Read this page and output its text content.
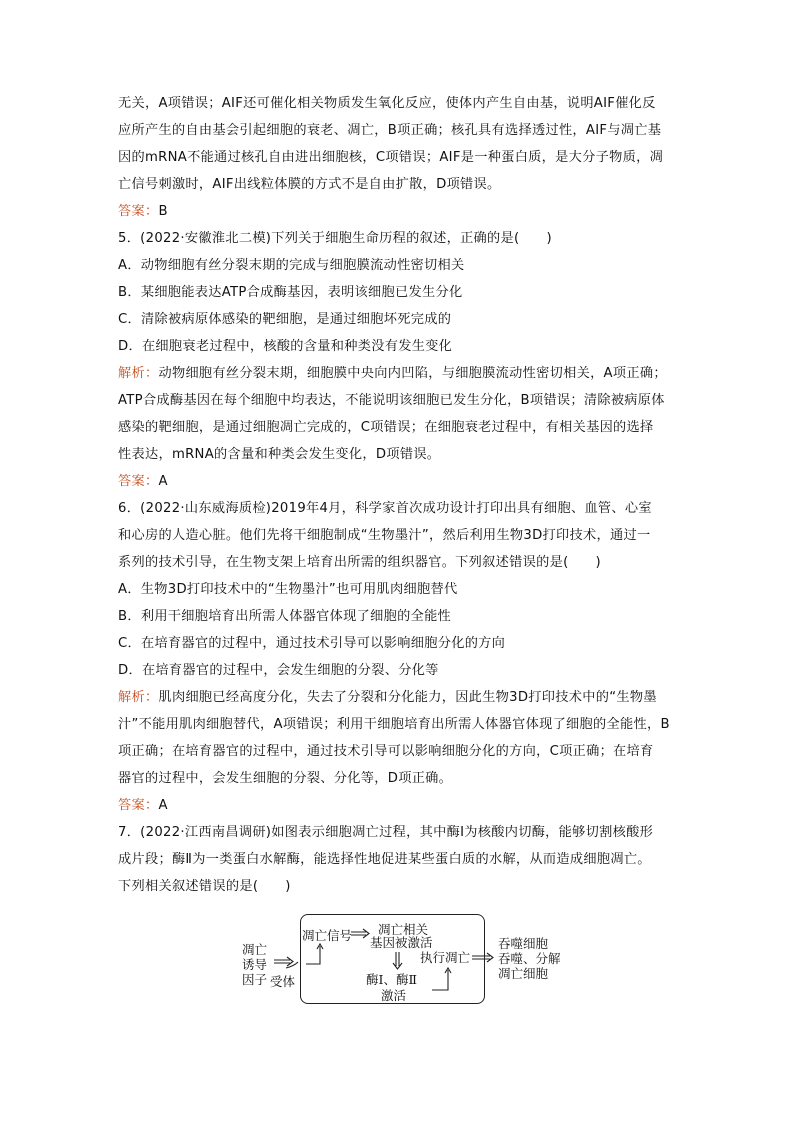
无关，A项错误；AIF还可催化相关物质发生氧化反应，使体内产生自由基，说明AIF催化反
应所产生的自由基会引起细胞的衰老、凋亡，B项正确；核孔具有选择透过性，AIF与凋亡基
因的mRNA不能通过核孔自由进出细胞核，C项错误；AIF是一种蛋白质，是大分子物质，凋
亡信号刺激时，AIF出线粒体膜的方式不是自由扩散，D项错误。
答案：B
5．(2022·安徽淮北二模)下列关于细胞生命历程的叙述，正确的是(　　)
A．动物细胞有丝分裂末期的完成与细胞膜流动性密切相关
B．某细胞能表达ATP合成酶基因，表明该细胞已发生分化
C．清除被病原体感染的靶细胞，是通过细胞坏死完成的
D．在细胞衰老过程中，核酸的含量和种类没有发生变化
解析：动物细胞有丝分裂末期，细胞膜中央向内凹陷，与细胞膜流动性密切相关，A项正确；
ATP合成酶基因在每个细胞中均表达，不能说明该细胞已发生分化，B项错误；清除被病原体
感染的靶细胞，是通过细胞凋亡完成的，C项错误；在细胞衰老过程中，有相关基因的选择
性表达，mRNA的含量和种类会发生变化，D项错误。
答案：A
6．(2022·山东威海质检)2019年4月，科学家首次成功设计打印出具有细胞、血管、心室
和心房的人造心脏。他们先将干细胞制成“生物墨汁”，然后利用生物3D打印技术，通过一
系列的技术引导，在生物支架上培育出所需的组织器官。下列叙述错误的是(　　)
A．生物3D打印技术中的“生物墨汁”也可用肌肉细胞替代
B．利用干细胞培育出所需人体器官体现了细胞的全能性
C．在培育器官的过程中，通过技术引导可以影响细胞分化的方向
D．在培育器官的过程中，会发生细胞的分裂、分化等
解析：肌肉细胞已经高度分化，失去了分裂和分化能力，因此生物3D打印技术中的“生物墨
汁”不能用肌肉细胞替代，A项错误；利用干细胞培育出所需人体器官体现了细胞的全能性，B
项正确；在培育器官的过程中，通过技术引导可以影响细胞分化的方向，C项正确；在培育
器官的过程中，会发生细胞的分裂、分化等，D项正确。
答案：A
7．(2022·江西南昌调研)如图表示细胞凋亡过程，其中酶Ⅰ为核酸内切酶，能够切割核酸形
成片段；酶Ⅱ为一类蛋白水解酶，能选择性地促进某些蛋白质的水解，从而造成细胞凋亡。
下列相关叙述错误的是(　　)
凋亡
诱导
因子 受体
凋亡信号 凋亡相关
基因被激活
执行凋亡
酶Ⅰ、酶Ⅱ
激活
吞噬细胞
吞噬、分解
凋亡细胞
